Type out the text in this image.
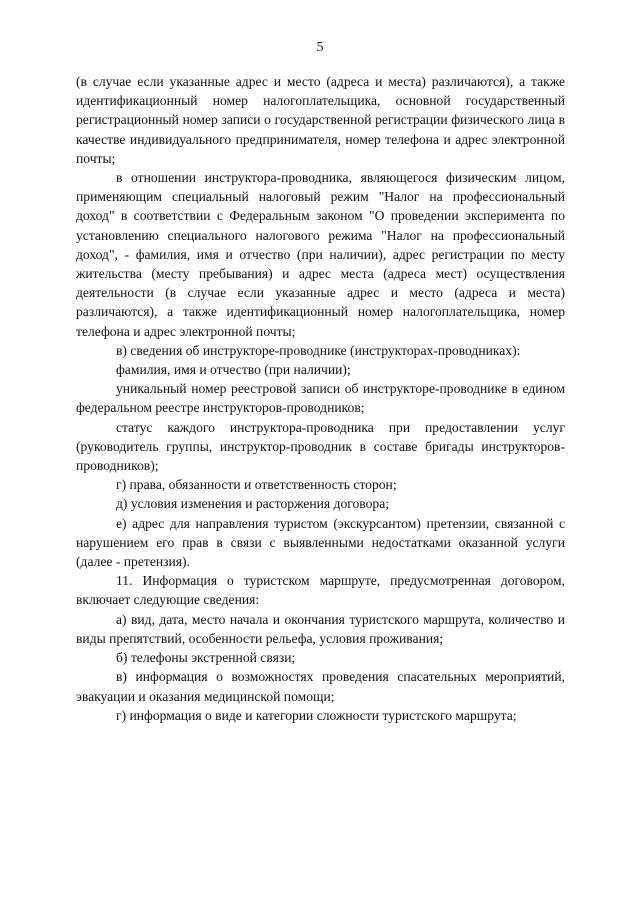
5

(в случае если указанные адрес и место (адреса и места) различаются), а также идентификационный номер налогоплательщика, основной государственный регистрационный номер записи о государственной регистрации физического лица в качестве индивидуального предпринимателя, номер телефона и адрес электронной почты;

в отношении инструктора-проводника, являющегося физическим лицом, применяющим специальный налоговый режим "Налог на профессиональный доход" в соответствии с Федеральным законом "О проведении эксперимента по установлению специального налогового режима "Налог на профессиональный доход", - фамилия, имя и отчество (при наличии), адрес регистрации по месту жительства (месту пребывания) и адрес места (адреса мест) осуществления деятельности (в случае если указанные адрес и место (адреса и места) различаются), а также идентификационный номер налогоплательщика, номер телефона и адрес электронной почты;

в) сведения об инструкторе-проводнике (инструкторах-проводниках):

фамилия, имя и отчество (при наличии);

уникальный номер реестровой записи об инструкторе-проводнике в едином федеральном реестре инструкторов-проводников;

статус каждого инструктора-проводника при предоставлении услуг (руководитель группы, инструктор-проводник в составе бригады инструкторов-проводников);

г) права, обязанности и ответственность сторон;

д) условия изменения и расторжения договора;

е) адрес для направления туристом (экскурсантом) претензии, связанной с нарушением его прав в связи с выявленными недостатками оказанной услуги (далее - претензия).

11. Информация о туристском маршруте, предусмотренная договором, включает следующие сведения:

а) вид, дата, место начала и окончания туристского маршрута, количество и виды препятствий, особенности рельефа, условия проживания;

б) телефоны экстренной связи;

в) информация о возможностях проведения спасательных мероприятий, эвакуации и оказания медицинской помощи;

г) информация о виде и категории сложности туристского маршрута;
